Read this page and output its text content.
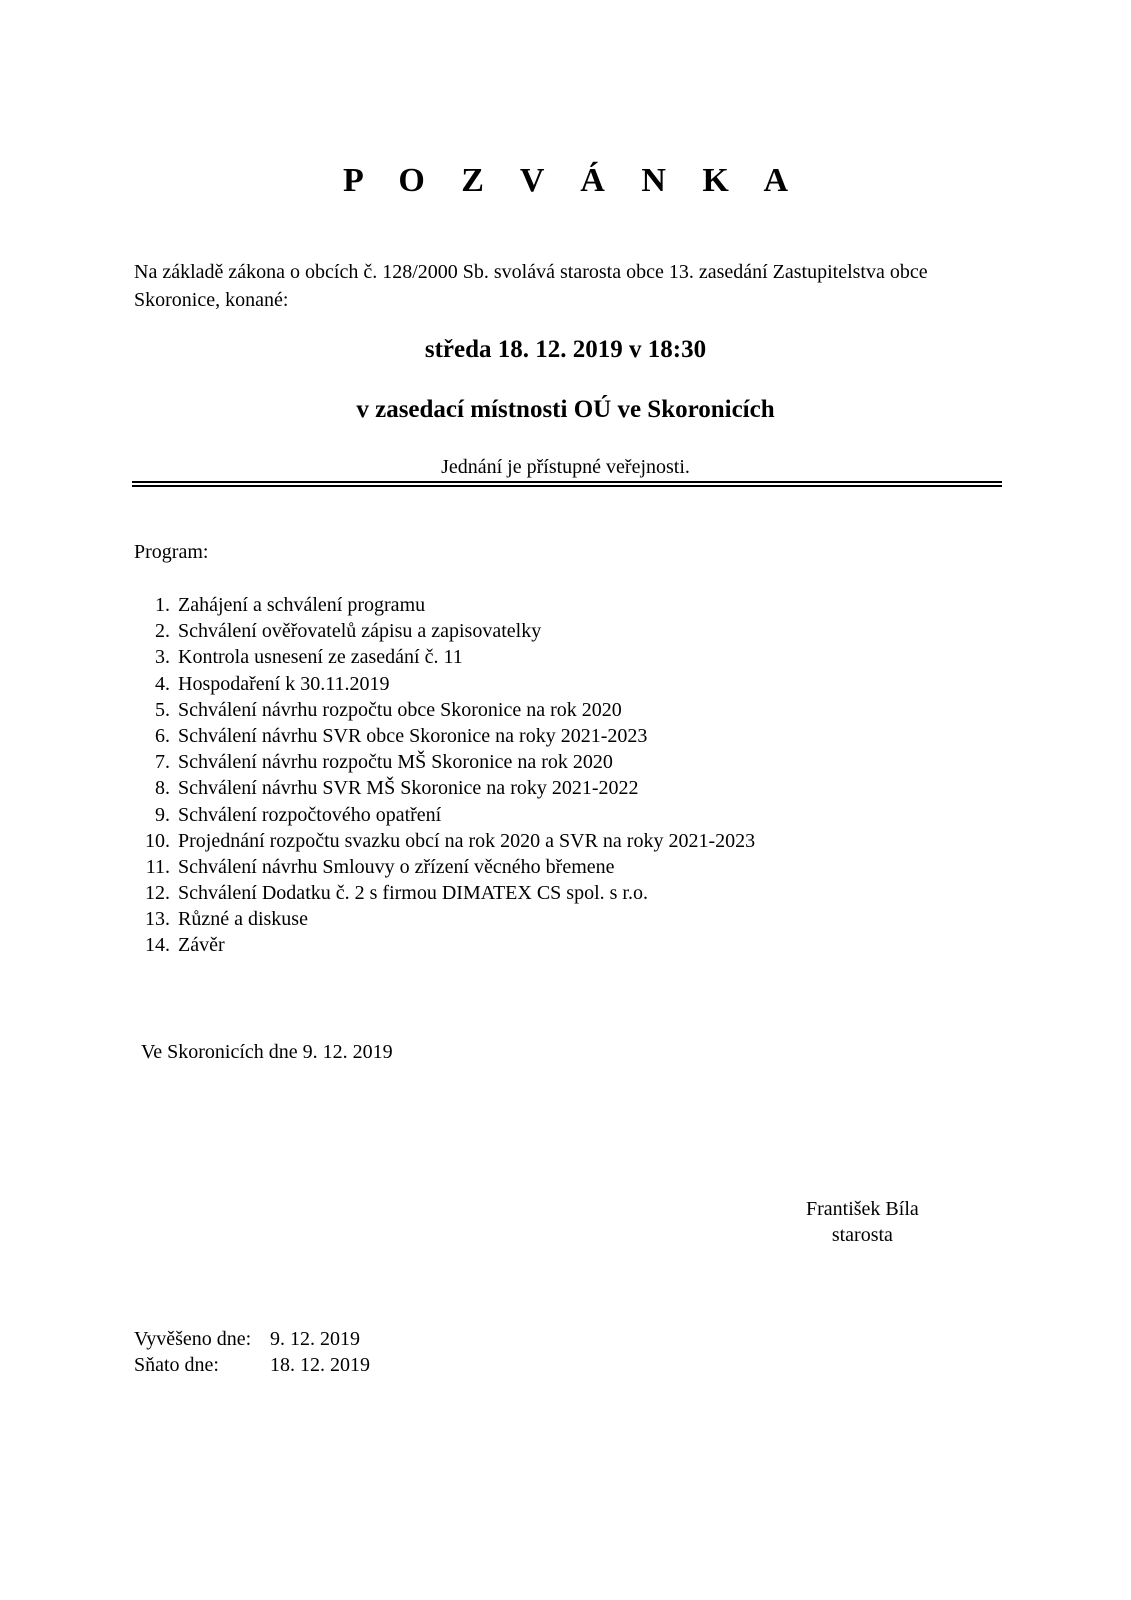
P O Z V Á N K A
Na základě zákona o obcích č. 128/2000 Sb. svolává starosta obce 13. zasedání Zastupitelstva obce Skoronice, konané:
středa 18. 12. 2019 v 18:30
v zasedací místnosti OÚ ve Skoronicích
Jednání je přístupné veřejnosti.
Program:
1. Zahájení a schválení programu
2. Schválení ověřovatelů zápisu a zapisovatelky
3. Kontrola usnesení ze zasedání č. 11
4. Hospodaření k 30.11.2019
5. Schválení návrhu rozpočtu obce Skoronice na rok 2020
6. Schválení návrhu SVR obce Skoronice na roky 2021-2023
7. Schválení návrhu rozpočtu MŠ Skoronice na rok 2020
8. Schválení návrhu SVR MŠ Skoronice na roky 2021-2022
9. Schválení rozpočtového opatření
10. Projednání rozpočtu svazku obcí na rok 2020 a SVR na roky 2021-2023
11. Schválení návrhu Smlouvy o zřízení věcného břemene
12. Schválení Dodatku č. 2 s firmou DIMATEX CS spol. s r.o.
13. Různé a diskuse
14. Závěr
Ve Skoronicích dne 9. 12. 2019
František Bíla
starosta
Vyvěšeno dne: 9. 12. 2019
Sňato dne:	18. 12. 2019
